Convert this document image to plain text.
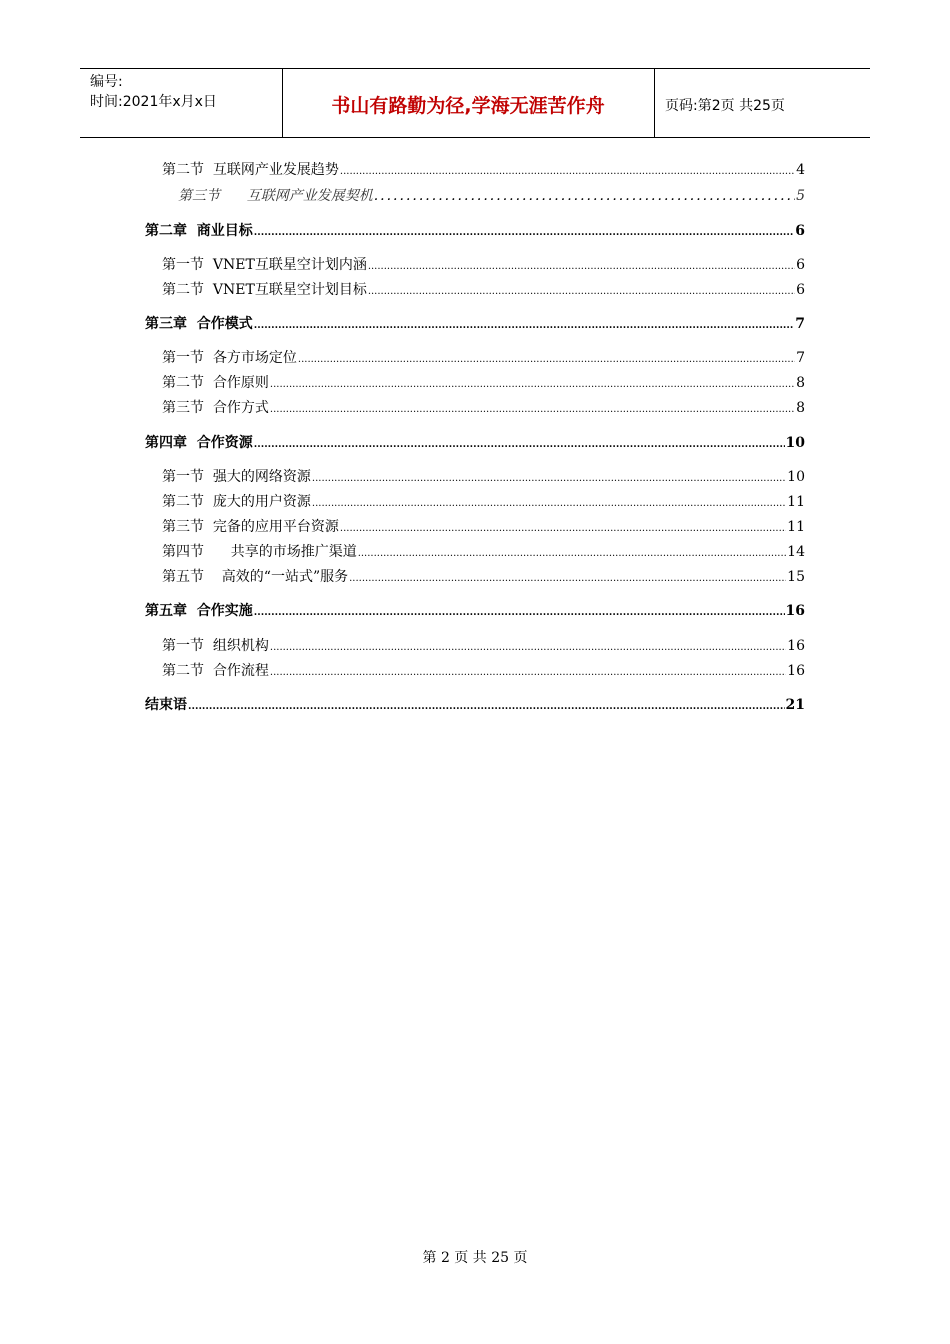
编号:
时间:2021年x月x日	书山有路勤为径,学海无涯苦作舟	页码:第2页 共25页
第二节  互联网产业发展趋势 .....	4
第三节      互联网产业发展契机 .....	5
第二章  商业目标 .....	6
第一节  VNET互联星空计划内涵 .....	6
第二节  VNET互联星空计划目标 .....	6
第三章  合作模式 .....	7
第一节  各方市场定位 .....	7
第二节  合作原则 .....	8
第三节  合作方式 .....	8
第四章  合作资源 .....	10
第一节  强大的网络资源 .....	10
第二节  庞大的用户资源 .....	11
第三节  完备的应用平台资源 .....	11
第四节      共享的市场推广渠道 .....	14
第五节    高效的“一站式”服务 .....	15
第五章  合作实施 .....	16
第一节  组织机构 .....	16
第二节  合作流程 .....	16
结束语 .....	21
第 2 页 共 25 页
